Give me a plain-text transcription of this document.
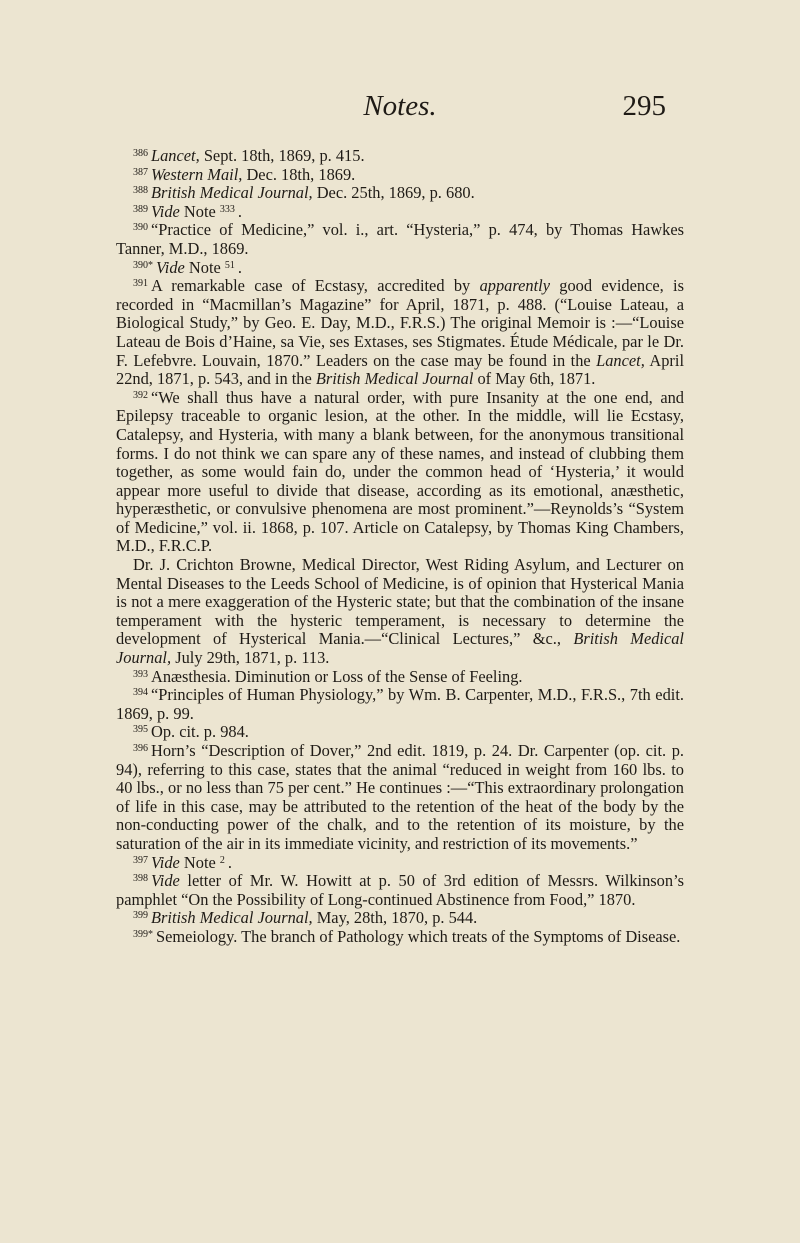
Notes.	295

$^{386}$ Lancet, Sept. 18th, 1869, p. 415.

$^{387}$ Western Mail, Dec. 18th, 1869.

$^{388}$ British Medical Journal, Dec. 25th, 1869, p. 680.

$^{389}$ Vide Note $^{333}$ .

$^{390}$ “Practice of Medicine,” vol. i., art. “Hysteria,” p. 474, by Thomas Hawkes Tanner, M.D., 1869.

$^{390*}$ Vide Note $^{51}$ .

$^{391}$ A remarkable case of Ecstasy, accredited by apparently good evidence, is recorded in “Macmillan’s Magazine” for April, 1871, p. 488. (“Louise Lateau, a Biological Study,” by Geo. E. Day, M.D., F.R.S.) The original Memoir is :—“Louise Lateau de Bois d’Haine, sa Vie, ses Extases, ses Stigmates. Étude Médicale, par le Dr. F. Lefebvre. Louvain, 1870.” Leaders on the case may be found in the Lancet, April 22nd, 1871, p. 543, and in the British Medical Journal of May 6th, 1871.

$^{392}$ “We shall thus have a natural order, with pure Insanity at the one end, and Epilepsy traceable to organic lesion, at the other. In the middle, will lie Ecstasy, Catalepsy, and Hysteria, with many a blank between, for the anonymous transitional forms. I do not think we can spare any of these names, and instead of clubbing them together, as some would fain do, under the common head of ‘Hysteria,’ it would appear more useful to divide that disease, according as its emotional, anæsthetic, hyperæsthetic, or convulsive phenomena are most prominent.”—Reynolds’s “System of Medicine,” vol. ii. 1868, p. 107. Article on Catalepsy, by Thomas King Chambers, M.D., F.R.C.P.

Dr. J. Crichton Browne, Medical Director, West Riding Asylum, and Lecturer on Mental Diseases to the Leeds School of Medicine, is of opinion that Hysterical Mania is not a mere exaggeration of the Hysteric state; but that the combination of the insane temperament with the hysteric temperament, is necessary to determine the development of Hysterical Mania.—“Clinical Lectures,” &c., British Medical Journal, July 29th, 1871, p. 113.

$^{393}$ Anæsthesia. Diminution or Loss of the Sense of Feeling.

$^{394}$ “Principles of Human Physiology,” by Wm. B. Carpenter, M.D., F.R.S., 7th edit. 1869, p. 99.

$^{395}$ Op. cit. p. 984.

$^{396}$ Horn’s “Description of Dover,” 2nd edit. 1819, p. 24. Dr. Carpenter (op. cit. p. 94), referring to this case, states that the animal “reduced in weight from 160 lbs. to 40 lbs., or no less than 75 per cent.” He continues :—“This extraordinary prolongation of life in this case, may be attributed to the retention of the heat of the body by the non-conducting power of the chalk, and to the retention of its moisture, by the saturation of the air in its immediate vicinity, and restriction of its movements.”

$^{397}$ Vide Note $^2$ .

$^{398}$ Vide letter of Mr. W. Howitt at p. 50 of 3rd edition of Messrs. Wilkinson’s pamphlet “On the Possibility of Long-continued Abstinence from Food,” 1870.

$^{399}$ British Medical Journal, May, 28th, 1870, p. 544.

$^{399*}$ Semeiology. The branch of Pathology which treats of the Symptoms of Disease.
